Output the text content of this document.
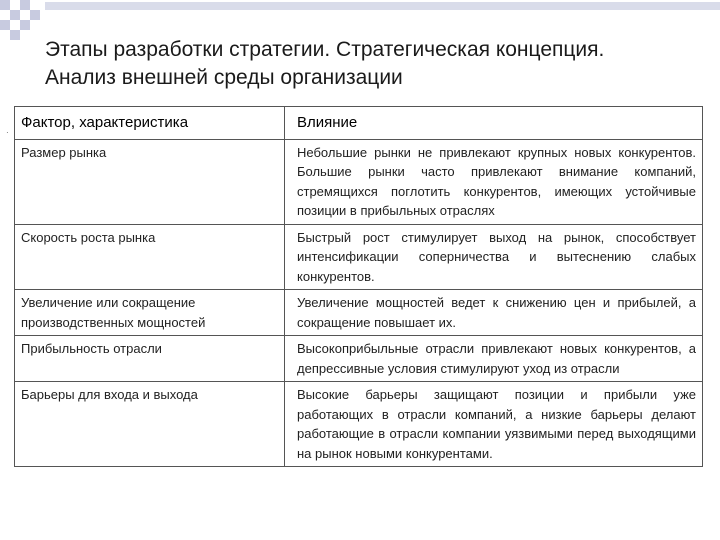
Этапы разработки стратегии. Стратегическая концепция.
Анализ внешней среды организации
·
Фактор, характеристика	Влияние
Размер рынка	Небольшие рынки не привлекают крупных новых конкурентов. Большие рынки часто привлекают внимание компаний, стремящихся поглотить конкурентов, имеющих устойчивые позиции в прибыльных отраслях
Скорость роста рынка	Быстрый рост стимулирует выход на рынок, способствует интенсификации соперничества и вытеснению слабых конкурентов.
Увеличение или сокращение производственных мощностей	Увеличение мощностей ведет к снижению цен и прибылей, а сокращение повышает их.
Прибыльность отрасли	Высокоприбыльные отрасли привлекают новых конкурентов, а депрессивные условия стимулируют уход из отрасли
Барьеры для входа и выхода	Высокие барьеры защищают позиции и прибыли уже работающих в отрасли компаний, а низкие барьеры делают работающие в отрасли компании уязвимыми перед выходящими на рынок новыми конкурентами.
